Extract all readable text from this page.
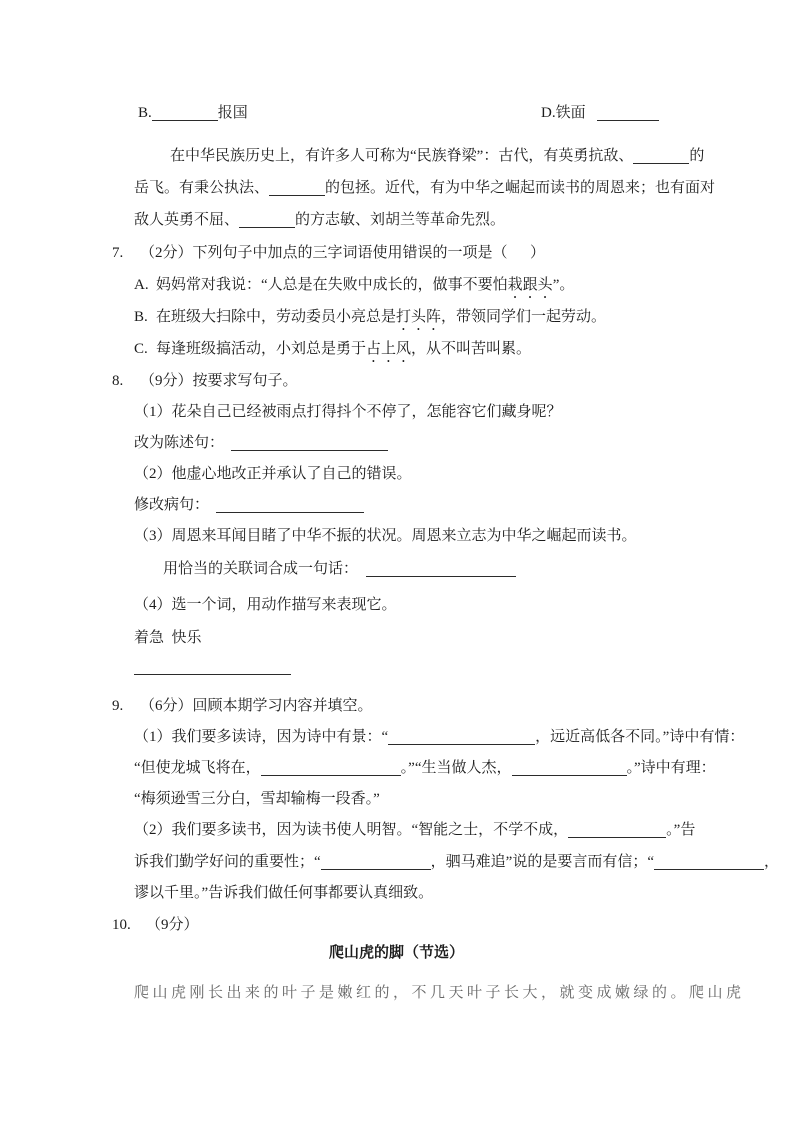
B.	报国	D.铁面
在中华民族历史上，有许多人可称为“民族脊梁”：古代，有英勇抗敌、	的
岳飞。有秉公执法、	的包拯。近代，有为中华之崛起而读书的周恩来；也有面对
敌人英勇不屈、	的方志敏、刘胡兰等革命先烈。
7. （2分）下列句子中加点的三字词语使用错误的一项是（      ）
A. 妈妈常对我说：“人总是在失败中成长的，做事不要怕栽跟头”。
B. 在班级大扫除中，劳动委员小亮总是打头阵，带领同学们一起劳动。
C. 每逢班级搞活动，小刘总是勇于占上风，从不叫苦叫累。
8. （9分）按要求写句子。
（1）花朵自己已经被雨点打得抖个不停了，怎能容它们藏身呢？
改为陈述句：
（2）他虚心地改正并承认了自己的错误。
修改病句：
（3）周恩来耳闻目睹了中华不振的状况。周恩来立志为中华之崛起而读书。
用恰当的关联词合成一句话：
（4）选一个词，用动作描写来表现它。
着急  快乐
9. （6分）回顾本期学习内容并填空。
（1）我们要多读诗，因为诗中有景：“	，远近高低各不同。”诗中有情：
“但使龙城飞将在，	。”“生当做人杰，	。”诗中有理：
“梅须逊雪三分白，雪却输梅一段香。”
（2）我们要多读书，因为读书使人明智。“智能之士，不学不成，	。”告
诉我们勤学好问的重要性；“	，驷马难追”说的是要言而有信；“	，
谬以千里。”告诉我们做任何事都要认真细致。
10. （9分）
爬山虎的脚（节选）
爬山虎刚长出来的叶子是嫩红的，不几天叶子长大，就变成嫩绿的。爬山虎
